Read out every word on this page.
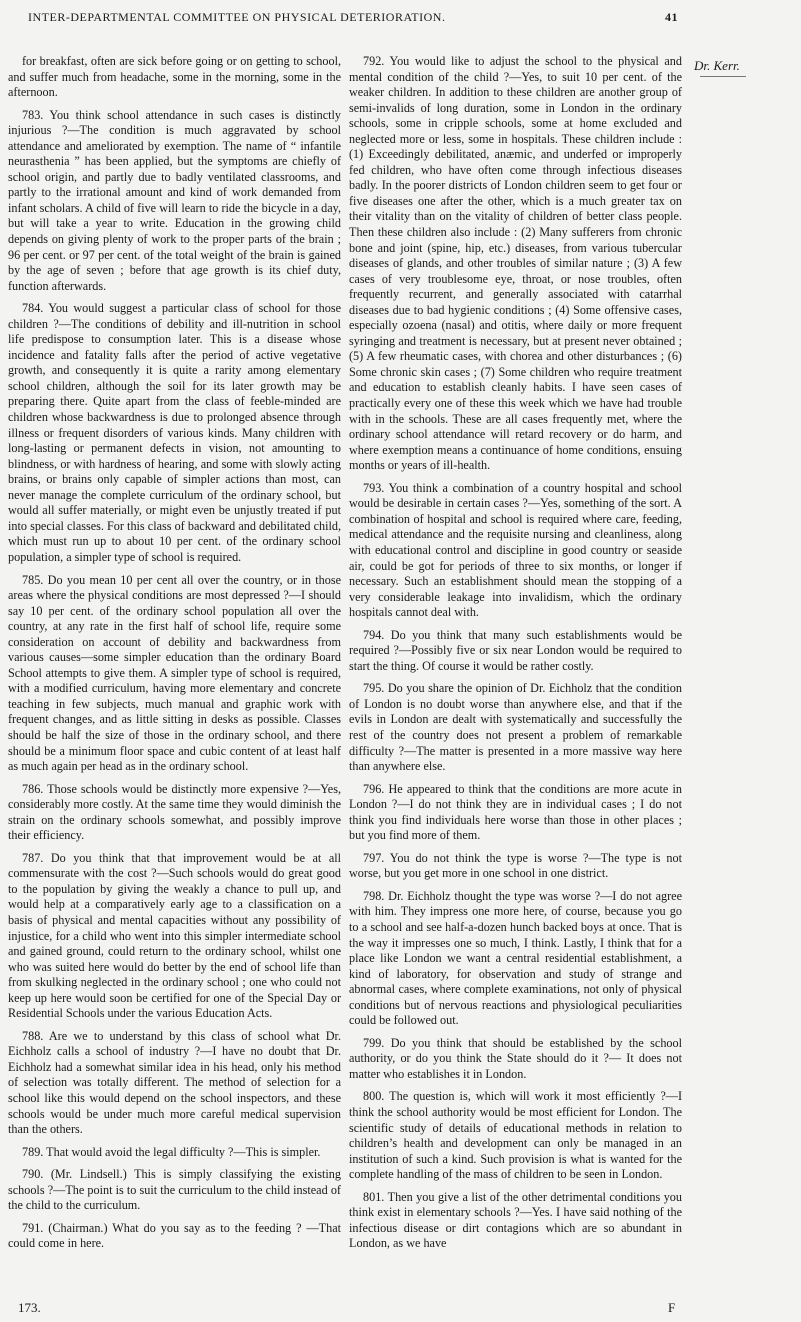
INTER-DEPARTMENTAL COMMITTEE ON PHYSICAL DETERIORATION.	41

for breakfast, often are sick before going or on getting to school, and suffer much from headache, some in the morning, some in the afternoon.

783. You think school attendance in such cases is distinctly injurious ?—The condition is much aggravated by school attendance and ameliorated by exemption. The name of “ infantile neurasthenia ” has been applied, but the symptoms are chiefly of school origin, and partly due to badly ventilated classrooms, and partly to the irrational amount and kind of work demanded from infant scholars. A child of five will learn to ride the bicycle in a day, but will take a year to write. Education in the growing child depends on giving plenty of work to the proper parts of the brain ; 96 per cent. or 97 per cent. of the total weight of the brain is gained by the age of seven ; before that age growth is its chief duty, function afterwards.

784. You would suggest a particular class of school for those children ?—The conditions of debility and ill-nutrition in school life predispose to consumption later. This is a disease whose incidence and fatality falls after the period of active vegetative growth, and consequently it is quite a rarity among elementary school children, although the soil for its later growth may be preparing there. Quite apart from the class of feeble-minded are children whose backwardness is due to prolonged absence through illness or frequent disorders of various kinds. Many children with long-lasting or permanent defects in vision, not amounting to blindness, or with hardness of hearing, and some with slowly acting brains, or brains only capable of simpler actions than most, can never manage the complete curriculum of the ordinary school, but would all suffer materially, or might even be unjustly treated if put into special classes. For this class of backward and debilitated child, which must run up to about 10 per cent. of the ordinary school population, a simpler type of school is required.

785. Do you mean 10 per cent all over the country, or in those areas where the physical conditions are most depressed ?—I should say 10 per cent. of the ordinary school population all over the country, at any rate in the first half of school life, require some consideration on account of debility and backwardness from various causes—some simpler education than the ordinary Board School attempts to give them. A simpler type of school is required, with a modified curriculum, having more elementary and concrete teaching in few subjects, much manual and graphic work with frequent changes, and as little sitting in desks as possible. Classes should be half the size of those in the ordinary school, and there should be a minimum floor space and cubic content of at least half as much again per head as in the ordinary school.

786. Those schools would be distinctly more expensive ?—Yes, considerably more costly. At the same time they would diminish the strain on the ordinary schools somewhat, and possibly improve their efficiency.

787. Do you think that that improvement would be at all commensurate with the cost ?—Such schools would do great good to the population by giving the weakly a chance to pull up, and would help at a comparatively early age to a classification on a basis of physical and mental capacities without any possibility of injustice, for a child who went into this simpler intermediate school and gained ground, could return to the ordinary school, whilst one who was suited here would do better by the end of school life than from skulking neglected in the ordinary school ; one who could not keep up here would soon be certified for one of the Special Day or Residential Schools under the various Education Acts.

788. Are we to understand by this class of school what Dr. Eichholz calls a school of industry ?—I have no doubt that Dr. Eichholz had a somewhat similar idea in his head, only his method of selection was totally different. The method of selection for a school like this would depend on the school inspectors, and these schools would be under much more careful medical supervision than the others.

789. That would avoid the legal difficulty ?—This is simpler.

790. (Mr. Lindsell.) This is simply classifying the existing schools ?—The point is to suit the curriculum to the child instead of the child to the curriculum.

791. (Chairman.) What do you say as to the feeding ? —That could come in here.

792. You would like to adjust the school to the physical and mental condition of the child ?—Yes, to suit 10 per cent. of the weaker children. In addition to these children are another group of semi-invalids of long duration, some in London in the ordinary schools, some in cripple schools, some at home excluded and neglected more or less, some in hospitals. These children include : (1) Exceedingly debilitated, anæmic, and underfed or improperly fed children, who have often come through infectious diseases badly. In the poorer districts of London children seem to get four or five diseases one after the other, which is a much greater tax on their vitality than on the vitality of children of better class people. Then these children also include : (2) Many sufferers from chronic bone and joint (spine, hip, etc.) diseases, from various tubercular diseases of glands, and other troubles of similar nature ; (3) A few cases of very troublesome eye, throat, or nose troubles, often frequently recurrent, and generally associated with catarrhal diseases due to bad hygienic conditions ; (4) Some offensive cases, especially ozoena (nasal) and otitis, where daily or more frequent syringing and treatment is necessary, but at present never obtained ; (5) A few rheumatic cases, with chorea and other disturbances ; (6) Some chronic skin cases ; (7) Some children who require treatment and education to establish cleanly habits. I have seen cases of practically every one of these this week which we have had trouble with in the schools. These are all cases frequently met, where the ordinary school attendance will retard recovery or do harm, and where exemption means a continuance of home conditions, ensuing months or years of ill-health.

793. You think a combination of a country hospital and school would be desirable in certain cases ?—Yes, something of the sort. A combination of hospital and school is required where care, feeding, medical attendance and the requisite nursing and cleanliness, along with educational control and discipline in good country or seaside air, could be got for periods of three to six months, or longer if necessary. Such an establishment should mean the stopping of a very considerable leakage into invalidism, which the ordinary hospitals cannot deal with.

794. Do you think that many such establishments would be required ?—Possibly five or six near London would be required to start the thing. Of course it would be rather costly.

795. Do you share the opinion of Dr. Eichholz that the condition of London is no doubt worse than anywhere else, and that if the evils in London are dealt with systematically and successfully the rest of the country does not present a problem of remarkable difficulty ?—The matter is presented in a more massive way here than anywhere else.

796. He appeared to think that the conditions are more acute in London ?—I do not think they are in individual cases ; I do not think you find individuals here worse than those in other places ; but you find more of them.

797. You do not think the type is worse ?—The type is not worse, but you get more in one school in one district.

798. Dr. Eichholz thought the type was worse ?—I do not agree with him. They impress one more here, of course, because you go to a school and see half-a-dozen hunch backed boys at once. That is the way it impresses one so much, I think. Lastly, I think that for a place like London we want a central residential establishment, a kind of laboratory, for observation and study of strange and abnormal cases, where complete examinations, not only of physical conditions but of nervous reactions and physiological peculiarities could be followed out.

799. Do you think that should be established by the school authority, or do you think the State should do it ?— It does not matter who establishes it in London.

800. The question is, which will work it most efficiently ?—I think the school authority would be most efficient for London. The scientific study of details of educational methods in relation to children’s health and development can only be managed in an institution of such a kind. Such provision is what is wanted for the complete handling of the mass of children to be seen in London.

801. Then you give a list of the other detrimental conditions you think exist in elementary schools ?—Yes. I have said nothing of the infectious disease or dirt contagions which are so abundant in London, as we have

Dr. Kerr.
173.	F
